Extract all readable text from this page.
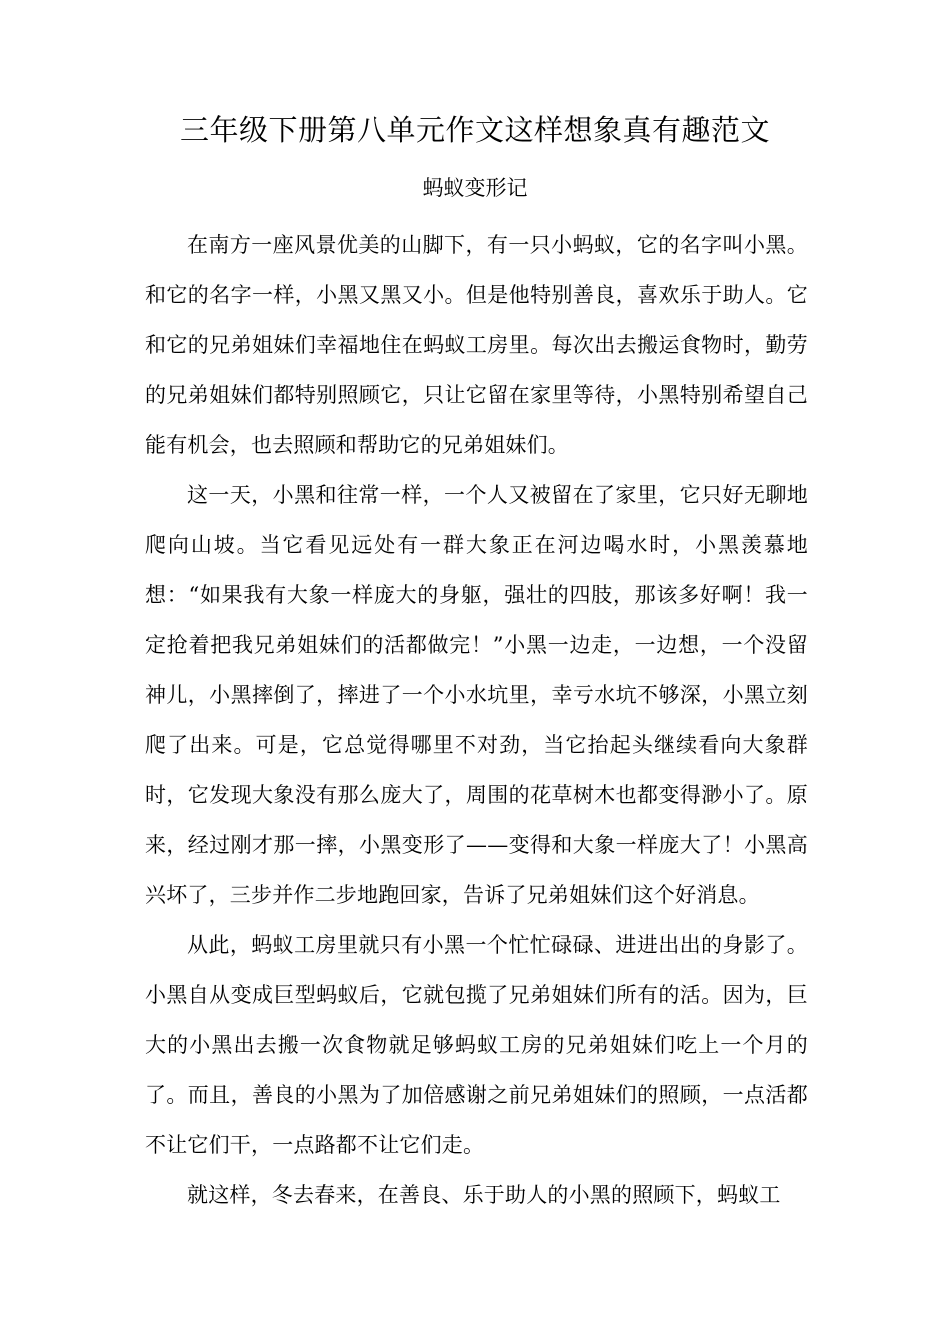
三年级下册第八单元作文这样想象真有趣范文
蚂蚁变形记

在南方一座风景优美的山脚下，有一只小蚂蚁，它的名字叫小黑。和它的名字一样，小黑又黑又小。但是他特别善良，喜欢乐于助人。它和它的兄弟姐妹们幸福地住在蚂蚁工房里。每次出去搬运食物时，勤劳的兄弟姐妹们都特别照顾它，只让它留在家里等待，小黑特别希望自己能有机会，也去照顾和帮助它的兄弟姐妹们。

这一天，小黑和往常一样，一个人又被留在了家里，它只好无聊地爬向山坡。当它看见远处有一群大象正在河边喝水时，小黑羡慕地想：“如果我有大象一样庞大的身躯，强壮的四肢，那该多好啊！我一定抢着把我兄弟姐妹们的活都做完！”小黑一边走，一边想，一个没留神儿，小黑摔倒了，摔进了一个小水坑里，幸亏水坑不够深，小黑立刻爬了出来。可是，它总觉得哪里不对劲，当它抬起头继续看向大象群时，它发现大象没有那么庞大了，周围的花草树木也都变得渺小了。原来，经过刚才那一摔，小黑变形了——变得和大象一样庞大了！小黑高兴坏了，三步并作二步地跑回家，告诉了兄弟姐妹们这个好消息。

从此，蚂蚁工房里就只有小黑一个忙忙碌碌、进进出出的身影了。小黑自从变成巨型蚂蚁后，它就包揽了兄弟姐妹们所有的活。因为，巨大的小黑出去搬一次食物就足够蚂蚁工房的兄弟姐妹们吃上一个月的了。而且，善良的小黑为了加倍感谢之前兄弟姐妹们的照顾，一点活都不让它们干，一点路都不让它们走。

就这样，冬去春来，在善良、乐于助人的小黑的照顾下，蚂蚁工
